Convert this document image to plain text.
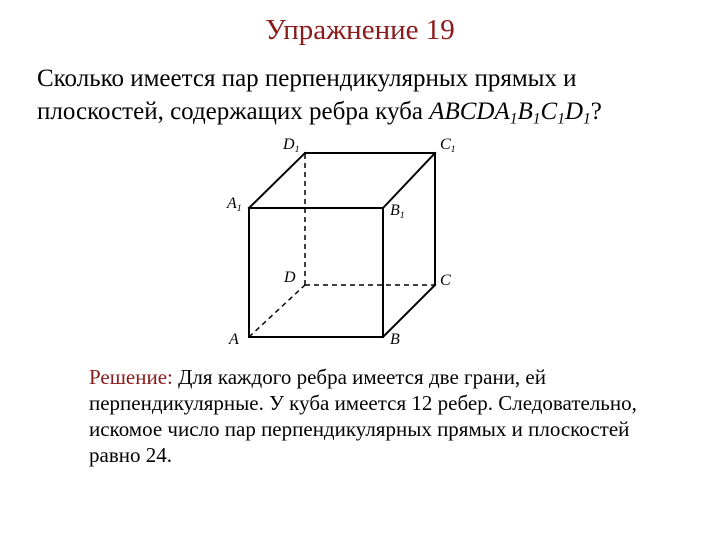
Упражнение 19
Сколько имеется пар перпендикулярных прямых и плоскостей, содержащих ребра куба $ABCDA_1B_1C_1D_1$?
$D_1$	$C_1$
$A_1$	$B_1$
D	C
A	B
Решение: Для каждого ребра имеется две грани, ей перпендикулярные. У куба имеется 12 ребер. Следовательно, искомое число пар перпендикулярных прямых и плоскостей равно 24.
